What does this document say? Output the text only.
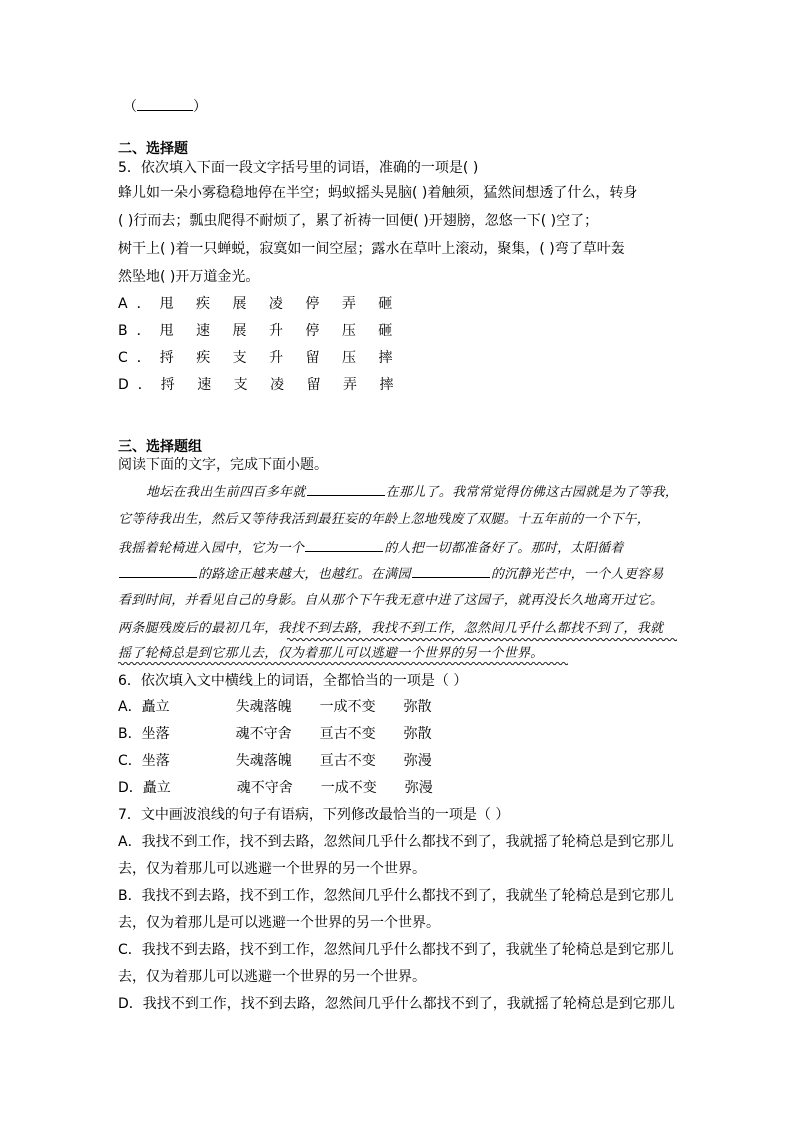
（	）
二、选择题
5．依次填入下面一段文字括号里的词语，准确的一项是( )
蜂儿如一朵小雾稳稳地停在半空；蚂蚁摇头晃脑( )着触须，猛然间想透了什么，转身
( )行而去；瓢虫爬得不耐烦了，累了祈祷一回便( )开翅膀，忽悠一下( )空了；
树干上( )着一只蝉蜕，寂寞如一间空屋；露水在草叶上滚动，聚集，( )弯了草叶轰
然坠地( )开万道金光。
A．甩 疾 展 凌 停 弄 砸
B．甩 速 展 升 停 压 砸
C．捋 疾 支 升 留 压 摔
D．捋 速 支 凌 留 弄 摔
三、选择题组
阅读下面的文字，完成下面小题。
地坛在我出生前四百多年就	在那儿了。我常常觉得仿佛这古园就是为了等我，
它等待我出生，然后又等待我活到最狂妄的年龄上忽地残废了双腿。十五年前的一个下午，
我摇着轮椅进入园中，它为一个	的人把一切都准备好了。那时，太阳循着
的路途正越来越大，也越红。在满园	的沉静光芒中，一个人更容易
看到时间，并看见自己的身影。自从那个下午我无意中进了这园子，就再没长久地离开过它。
两条腿残废后的最初几年，我找不到去路，我找不到工作，忽然间几乎什么都找不到了，我就
摇了轮椅总是到它那儿去，仅为着那儿可以逃避一个世界的另一个世界。
6．依次填入文中横线上的词语，全都恰当的一项是（ ）
A．矗立	失魂落魄 一成不变 弥散
B．坐落	魂不守舍 亘古不变 弥散
C．坐落	失魂落魄 亘古不变 弥漫
D．矗立	魂不守舍 一成不变 弥漫
7．文中画波浪线的句子有语病，下列修改最恰当的一项是（ ）
A．我找不到工作，找不到去路，忽然间几乎什么都找不到了，我就摇了轮椅总是到它那儿
去，仅为着那儿可以逃避一个世界的另一个世界。
B．我找不到去路，找不到工作，忽然间几乎什么都找不到了，我就坐了轮椅总是到它那儿
去，仅为着那儿是可以逃避一个世界的另一个世界。
C．我找不到去路，找不到工作，忽然间几乎什么都找不到了，我就坐了轮椅总是到它那儿
去，仅为着那儿可以逃避一个世界的另一个世界。
D．我找不到工作，找不到去路，忽然间几乎什么都找不到了，我就摇了轮椅总是到它那儿
